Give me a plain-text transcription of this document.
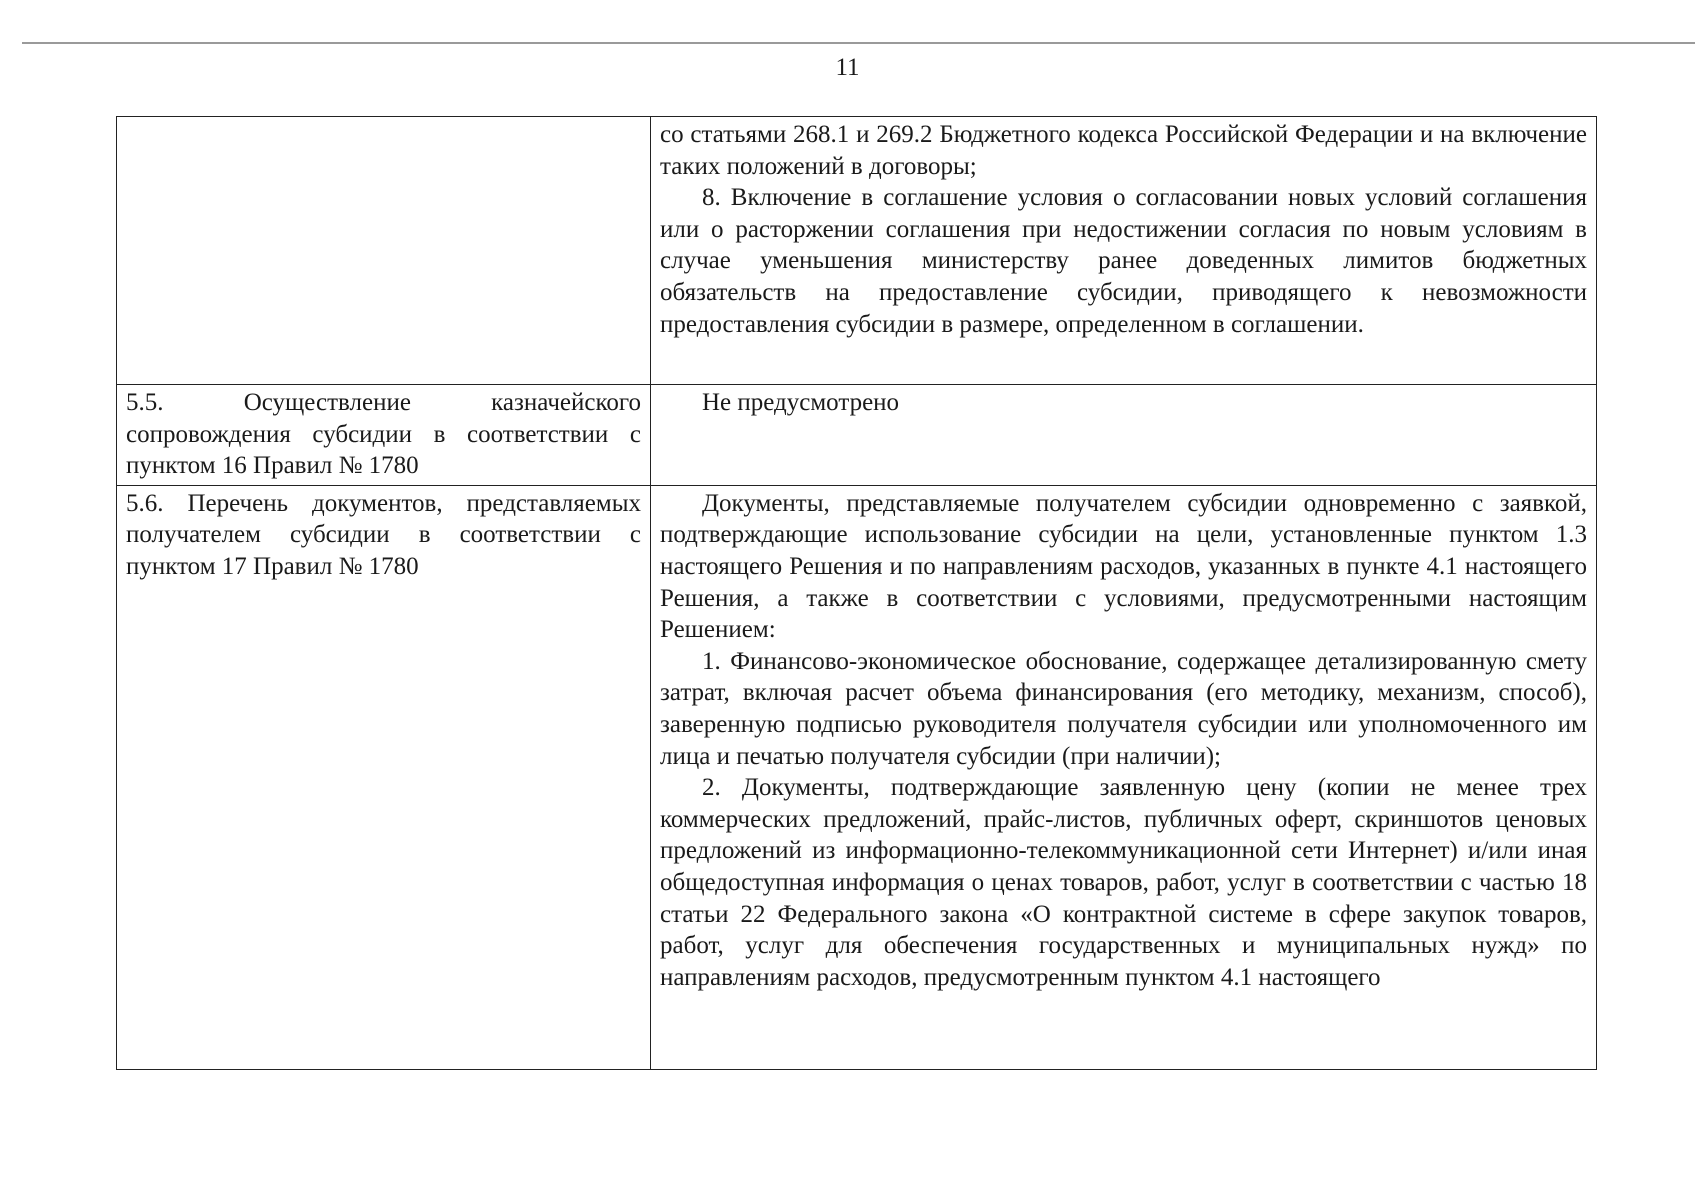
11

	со статьями 268.1 и 269.2 Бюджетного кодекса Российской Федерации и на включение таких положений в договоры;

8. Включение в соглашение условия о согласовании новых условий соглашения или о расторжении соглашения при недостижении согласия по новым условиям в случае уменьшения министерству ранее доведенных лимитов бюджетных обязательств на предоставление субсидии, приводящего к невозможности предоставления субсидии в размере, определенном в соглашении.

5.5. Осуществление казначейского сопровождения субсидии в соответствии с пунктом 16 Правил № 1780	Не предусмотрено

5.6. Перечень документов, представляемых получателем субсидии в соответствии с пунктом 17 Правил № 1780	Документы, представляемые получателем субсидии одновременно с заявкой, подтверждающие использование субсидии на цели, установленные пунктом 1.3 настоящего Решения и по направлениям расходов, указанных в пункте 4.1 настоящего Решения, а также в соответствии с условиями, предусмотренными настоящим Решением:

1. Финансово-экономическое обоснование, содержащее детализированную смету затрат, включая расчет объема финансирования (его методику, механизм, способ), заверенную подписью руководителя получателя субсидии или уполномоченного им лица и печатью получателя субсидии (при наличии);

2. Документы, подтверждающие заявленную цену (копии не менее трех коммерческих предложений, прайс-листов, публичных оферт, скриншотов ценовых предложений из информационно-телекоммуникационной сети Интернет) и/или иная общедоступная информация о ценах товаров, работ, услуг в соответствии с частью 18 статьи 22 Федерального закона «О контрактной системе в сфере закупок товаров, работ, услуг для обеспечения государственных и муниципальных нужд» по направлениям расходов, предусмотренным пунктом 4.1 настоящего
